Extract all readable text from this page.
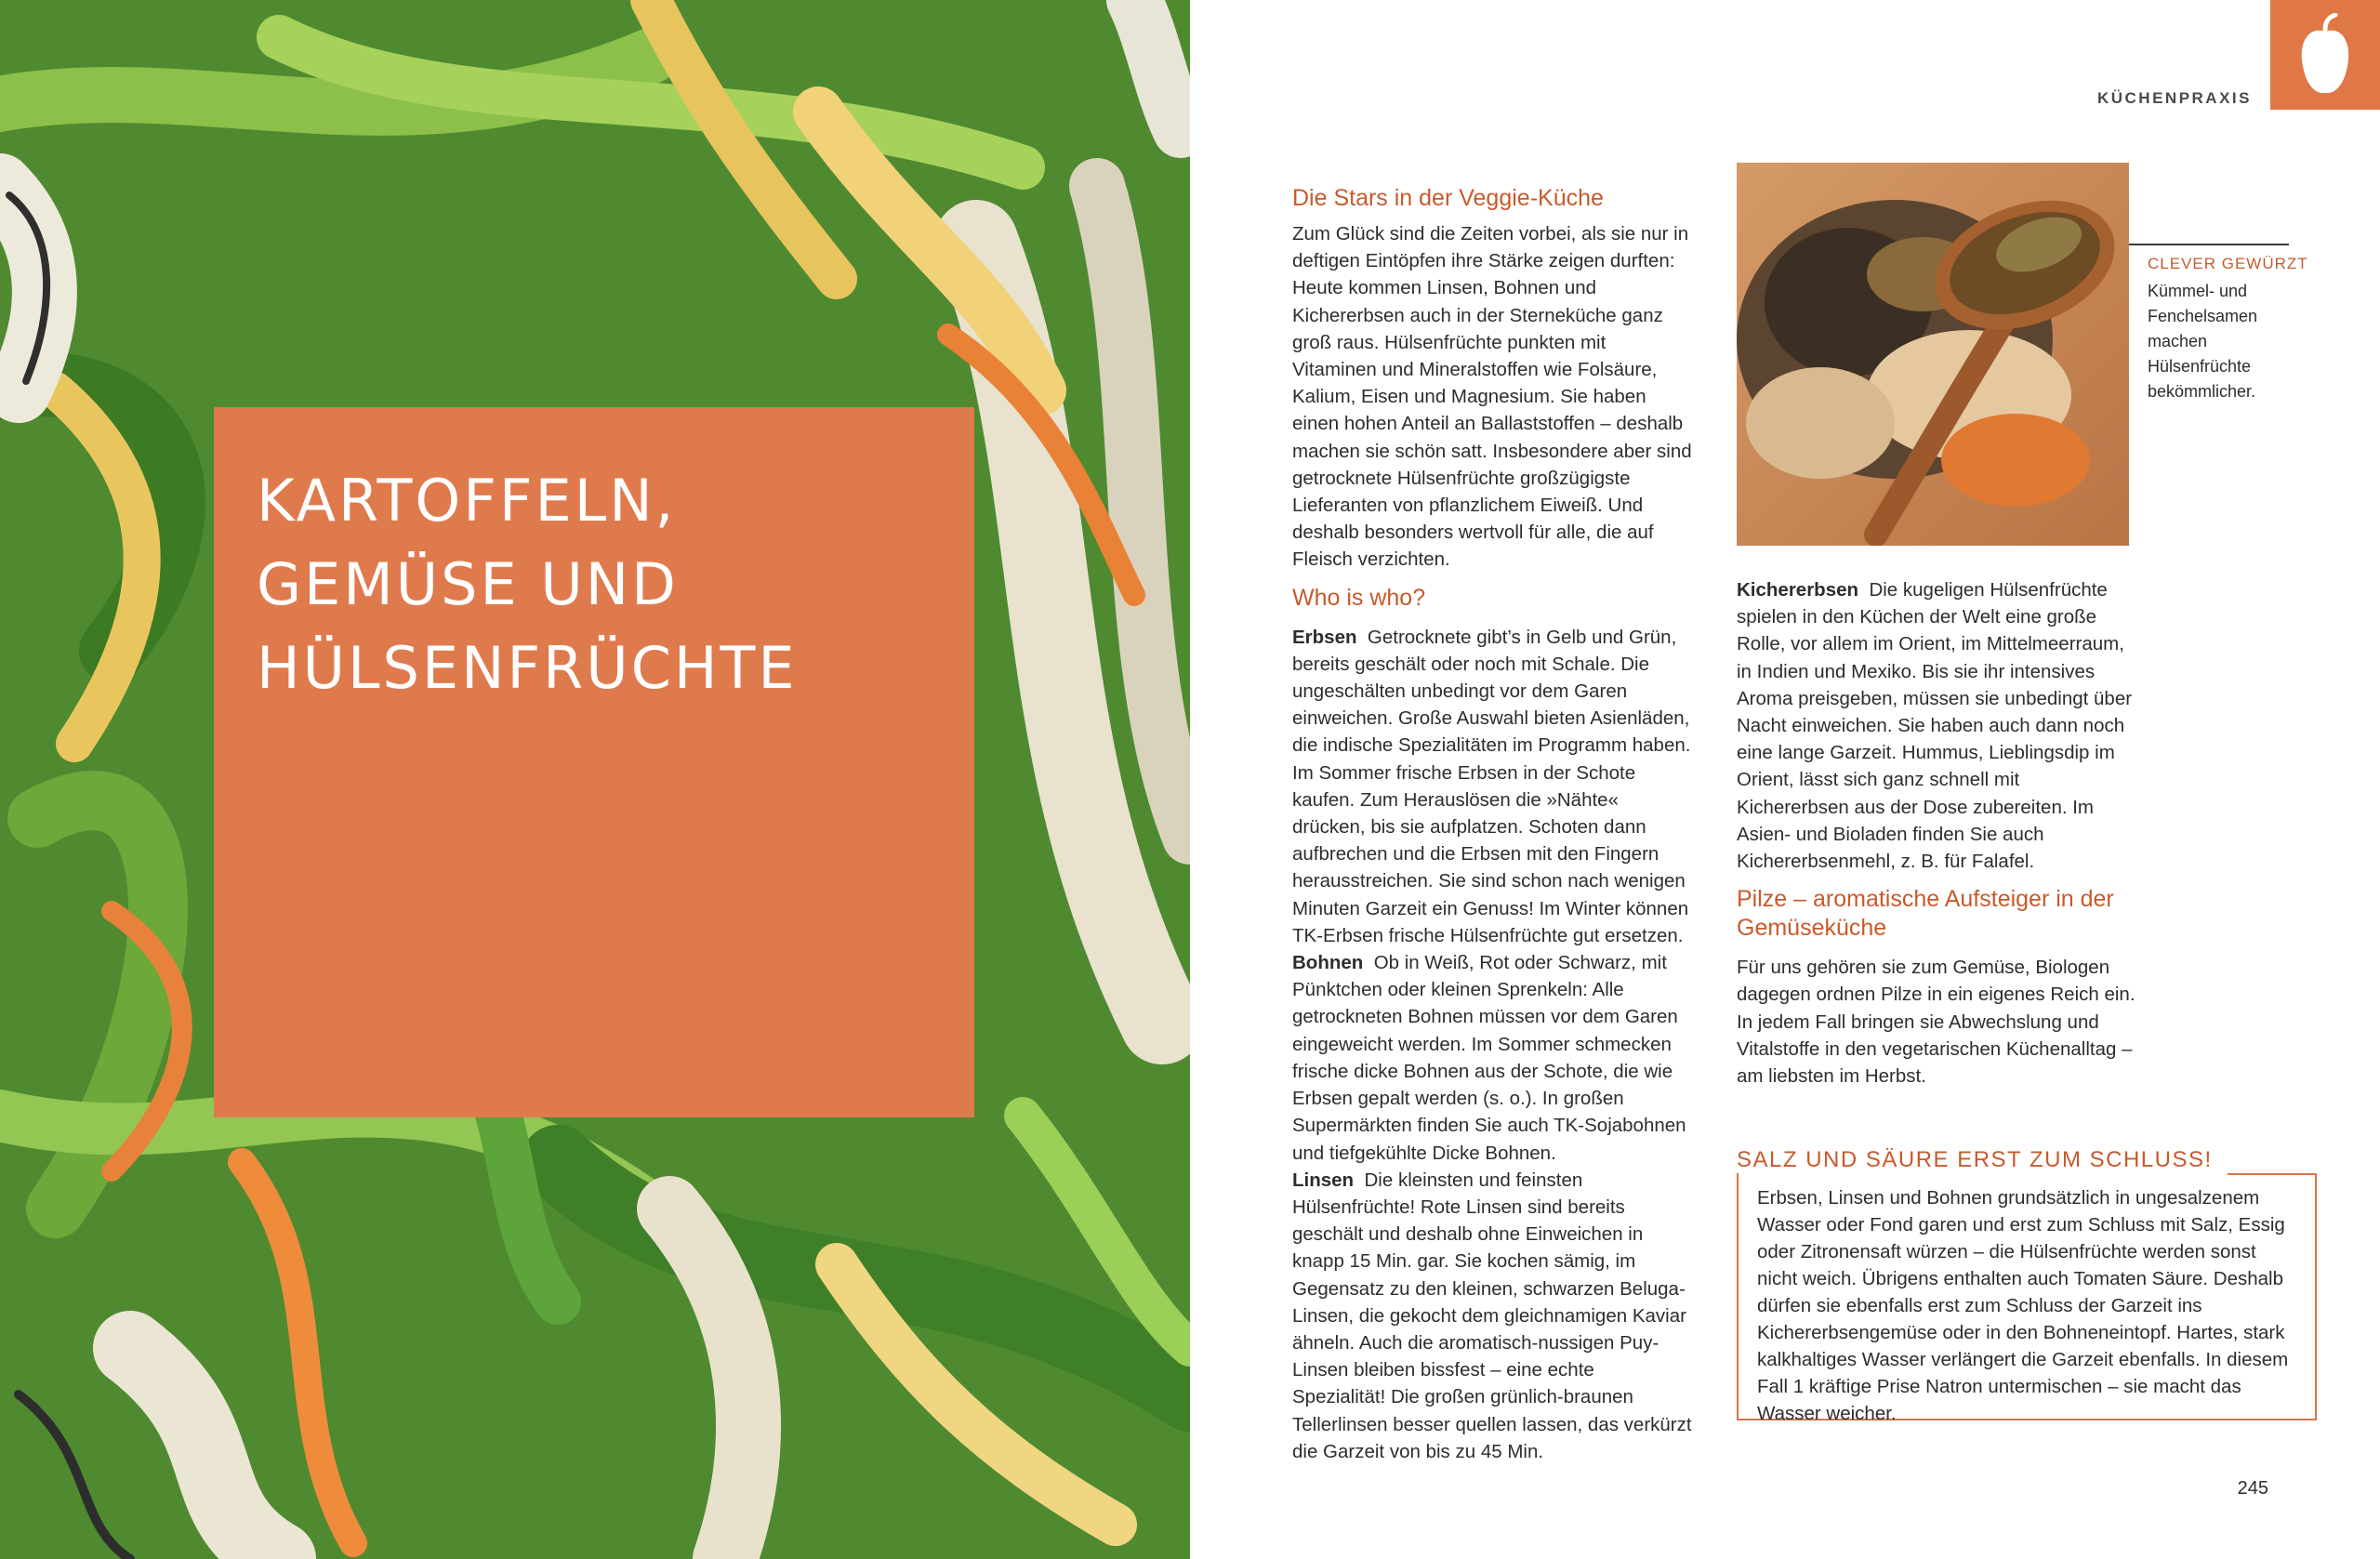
KARTOFFELN,
GEMÜSE UND
HÜLSENFRÜCHTE
KÜCHENPRAXIS
Die Stars in der Veggie-Küche

Zum Glück sind die Zeiten vorbei, als sie nur in deftigen Eintöpfen ihre Stärke zeigen durften: Heute kommen Linsen, Bohnen und Kichererbsen auch in der Sterneküche ganz groß raus. Hülsenfrüchte punkten mit Vitaminen und Mineralstoffen wie Folsäure, Kalium, Eisen und Magnesium. Sie haben einen hohen Anteil an Ballaststoffen – deshalb machen sie schön satt. Insbesondere aber sind getrocknete Hülsenfrüchte großzügigste Lieferanten von pflanzlichem Eiweiß. Und deshalb besonders wertvoll für alle, die auf Fleisch verzichten.

Who is who?

Erbsen Getrocknete gibt’s in Gelb und Grün, bereits geschält oder noch mit Schale. Die ungeschälten unbedingt vor dem Garen einweichen. Große Auswahl bieten Asienläden, die indische Spezialitäten im Programm haben. Im Sommer frische Erbsen in der Schote kaufen. Zum Herauslösen die »Nähte« drücken, bis sie aufplatzen. Schoten dann aufbrechen und die Erbsen mit den Fingern herausstreichen. Sie sind schon nach wenigen Minuten Garzeit ein Genuss! Im Winter können TK-Erbsen frische Hülsenfrüchte gut ersetzen.

Bohnen Ob in Weiß, Rot oder Schwarz, mit Pünktchen oder kleinen Sprenkeln: Alle getrockneten Bohnen müssen vor dem Garen eingeweicht werden. Im Sommer schmecken frische dicke Bohnen aus der Schote, die wie Erbsen gepalt werden (s. o.). In großen Supermärkten finden Sie auch TK-Sojabohnen und tiefgekühlte Dicke Bohnen.

Linsen Die kleinsten und feinsten Hülsenfrüchte! Rote Linsen sind bereits geschält und deshalb ohne Einweichen in knapp 15 Min. gar. Sie kochen sämig, im Gegensatz zu den kleinen, schwarzen Beluga-Linsen, die gekocht dem gleichnamigen Kaviar ähneln. Auch die aromatisch-nussigen Puy-Linsen bleiben bissfest – eine echte Spezialität! Die großen grünlich-braunen Tellerlinsen besser quellen lassen, das verkürzt die Garzeit von bis zu 45 Min.

CLEVER GEWÜRZT
Kümmel- und Fenchelsamen machen Hülsenfrüchte bekömmlicher.

Kichererbsen Die kugeligen Hülsenfrüchte spielen in den Küchen der Welt eine große Rolle, vor allem im Orient, im Mittelmeerraum, in Indien und Mexiko. Bis sie ihr intensives Aroma preisgeben, müssen sie unbedingt über Nacht einweichen. Sie haben auch dann noch eine lange Garzeit. Hummus, Lieblingsdip im Orient, lässt sich ganz schnell mit Kichererbsen aus der Dose zubereiten. Im Asien- und Bioladen finden Sie auch Kichererbsenmehl, z. B. für Falafel.

Pilze – aromatische Aufsteiger in der Gemüseküche

Für uns gehören sie zum Gemüse, Biologen dagegen ordnen Pilze in ein eigenes Reich ein. In jedem Fall bringen sie Abwechslung und Vitalstoffe in den vegetarischen Küchenalltag – am liebsten im Herbst.

SALZ UND SÄURE ERST ZUM SCHLUSS!
Erbsen, Linsen und Bohnen grundsätzlich in ungesalzenem Wasser oder Fond garen und erst zum Schluss mit Salz, Essig oder Zitronensaft würzen – die Hülsenfrüchte werden sonst nicht weich. Übrigens enthalten auch Tomaten Säure. Deshalb dürfen sie ebenfalls erst zum Schluss der Garzeit ins Kichererbsengemüse oder in den Bohneneintopf. Hartes, stark kalkhaltiges Wasser verlängert die Garzeit ebenfalls. In diesem Fall 1 kräftige Prise Natron untermischen – sie macht das Wasser weicher.
245
